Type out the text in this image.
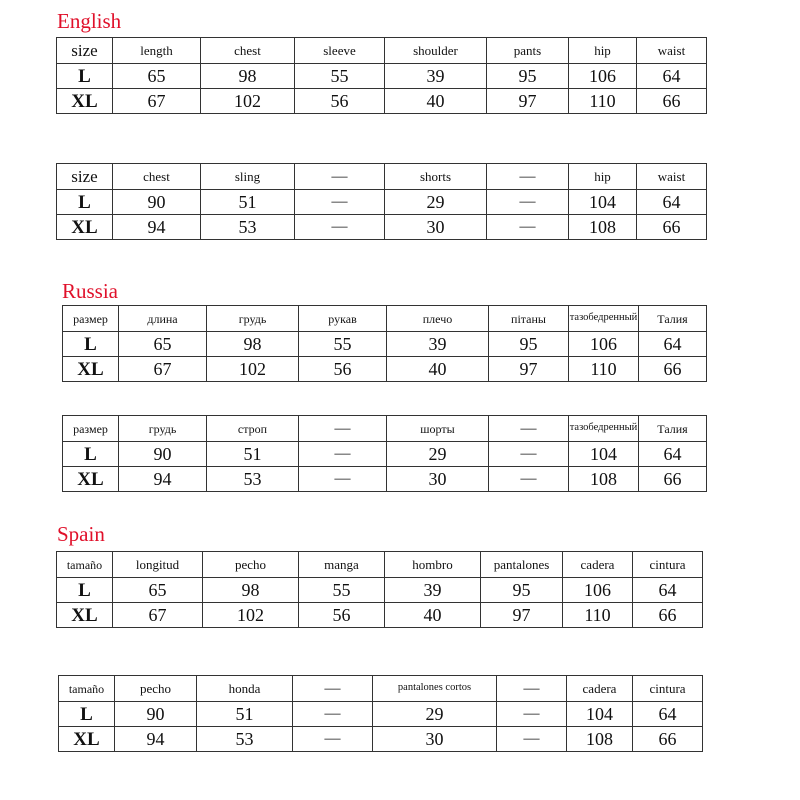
English
size	length	chest	sleeve	shoulder	pants	hip	waist
L	65	98	55	39	95	106	64
XL	67	102	56	40	97	110	66
size	chest	sling	—	shorts	—	hip	waist
L	90	51	—	29	—	104	64
XL	94	53	—	30	—	108	66
Russia
размер	длина	грудь	рукав	плечо	пітаны	тазобедренный	Талия
L	65	98	55	39	95	106	64
XL	67	102	56	40	97	110	66
размер	грудь	строп	—	шорты	—	тазобедренный	Талия
L	90	51	—	29	—	104	64
XL	94	53	—	30	—	108	66
Spain
tamaño	longitud	pecho	manga	hombro	pantalones	cadera	cintura
L	65	98	55	39	95	106	64
XL	67	102	56	40	97	110	66
tamaño	pecho	honda	—	pantalones cortos	—	cadera	cintura
L	90	51	—	29	—	104	64
XL	94	53	—	30	—	108	66
